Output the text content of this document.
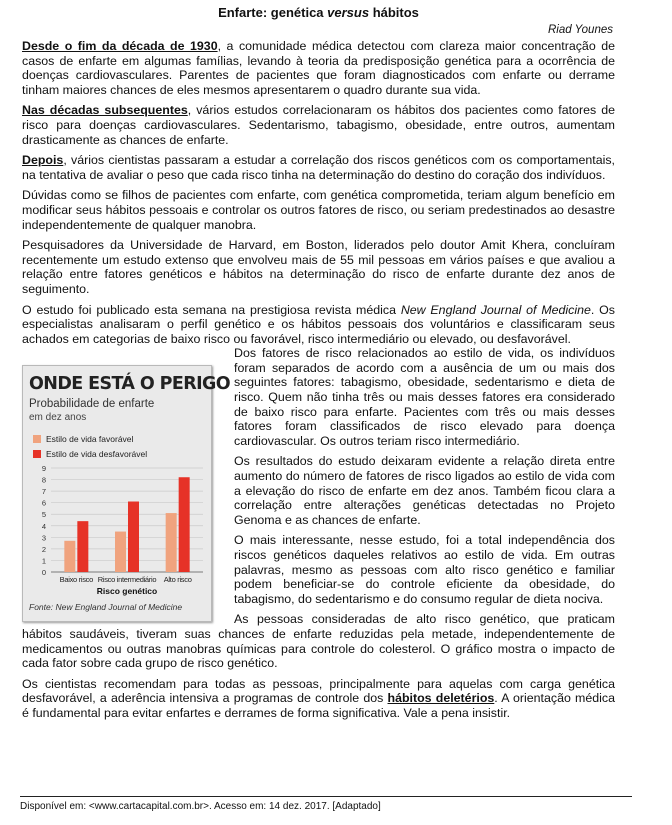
Enfarte: genética versus hábitos
Riad Younes

Desde o fim da década de 1930, a comunidade médica detectou com clareza maior concentração de casos de enfarte em algumas famílias, levando à teoria da predisposição genética para a ocorrência de doenças cardiovasculares. Parentes de pacientes que foram diagnosticados com enfarte ou derrame tinham maiores chances de eles mesmos apresentarem o quadro durante sua vida.

Nas décadas subsequentes, vários estudos correlacionaram os hábitos dos pacientes como fatores de risco para doenças cardiovasculares. Sedentarismo, tabagismo, obesidade, entre outros, aumentam drasticamente as chances de enfarte.

Depois, vários cientistas passaram a estudar a correlação dos riscos genéticos com os comportamentais, na tentativa de avaliar o peso que cada risco tinha na determinação do destino do coração dos indivíduos.

Dúvidas como se filhos de pacientes com enfarte, com genética comprometida, teriam algum benefício em modificar seus hábitos pessoais e controlar os outros fatores de risco, ou seriam predestinados ao desastre independentemente de qualquer manobra.

Pesquisadores da Universidade de Harvard, em Boston, liderados pelo doutor Amit Khera, concluíram recentemente um estudo extenso que envolveu mais de 55 mil pessoas em vários países e que avaliou a relação entre fatores genéticos e hábitos na determinação do risco de enfarte durante dez anos de seguimento.

O estudo foi publicado esta semana na prestigiosa revista médica New England Journal of Medicine. Os especialistas analisaram o perfil genético e os hábitos pessoais dos voluntários e classificaram seus achados em categorias de baixo risco ou favorável, risco intermediário ou elevado, ou desfavorável.

ONDE ESTÁ O PERIGO
Probabilidade de enfarte
em dez anos
Estilo de vida favorável
Estilo de vida desfavorável
0
1
2
3
4
5
6
7
8
9
Baixo risco Risco intermediário Alto risco
Risco genético
Fonte: New England Journal of Medicine

Dos fatores de risco relacionados ao estilo de vida, os indivíduos foram separados de acordo com a ausência de um ou mais dos seguintes fatores: tabagismo, obesidade, sedentarismo e dieta de risco. Quem não tinha três ou mais desses fatores era considerado de baixo risco para enfarte. Pacientes com três ou mais desses fatores foram classificados de risco elevado para doença cardiovascular. Os outros teriam risco intermediário.

Os resultados do estudo deixaram evidente a relação direta entre aumento do número de fatores de risco ligados ao estilo de vida com a elevação do risco de enfarte em dez anos. Também ficou clara a correlação entre alterações genéticas detectadas no Projeto Genoma e as chances de enfarte.

O mais interessante, nesse estudo, foi a total independência dos riscos genéticos daqueles relativos ao estilo de vida. Em outras palavras, mesmo as pessoas com alto risco genético e familiar podem beneficiar-se do controle eficiente da obesidade, do tabagismo, do sedentarismo e do consumo regular de dieta nociva.

As pessoas consideradas de alto risco genético, que praticam hábitos saudáveis, tiveram suas chances de enfarte reduzidas pela metade, independentemente de medicamentos ou outras manobras químicas para controle do colesterol. O gráfico mostra o impacto de cada fator sobre cada grupo de risco genético.

Os cientistas recomendam para todas as pessoas, principalmente para aquelas com carga genética desfavorável, a aderência intensiva a programas de controle dos hábitos deletérios. A orientação médica é fundamental para evitar enfartes e derrames de forma significativa. Vale a pena insistir.

Disponível em: <www.cartacapital.com.br>. Acesso em: 14 dez. 2017. [Adaptado]
